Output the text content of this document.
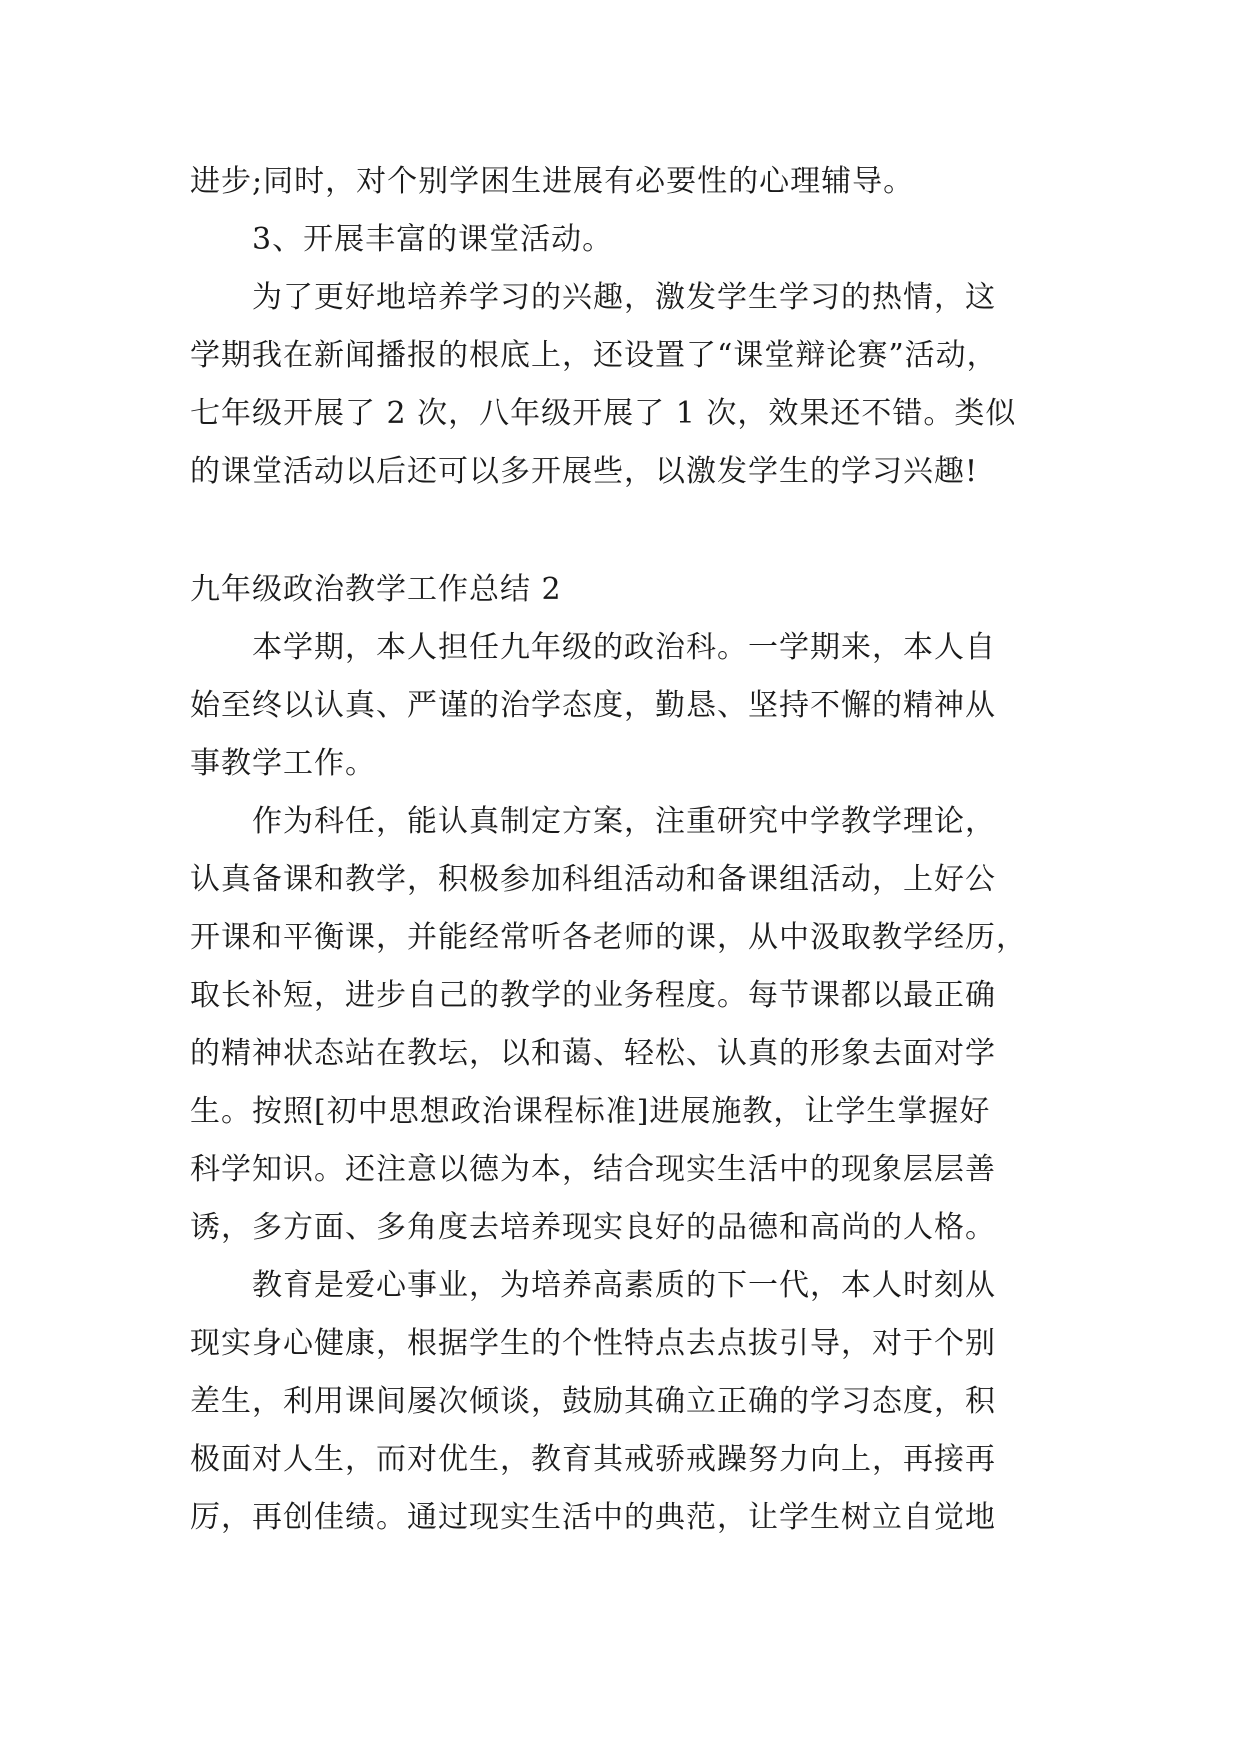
进步;同时，对个别学困生进展有必要性的心理辅导。
3、开展丰富的课堂活动。
为了更好地培养学习的兴趣，激发学生学习的热情，这
学期我在新闻播报的根底上，还设置了“课堂辩论赛”活动，
七年级开展了 2 次，八年级开展了 1 次，效果还不错。类似
的课堂活动以后还可以多开展些，以激发学生的学习兴趣!
九年级政治教学工作总结 2
本学期，本人担任九年级的政治科。一学期来，本人自
始至终以认真、严谨的治学态度，勤恳、坚持不懈的精神从
事教学工作。
作为科任，能认真制定方案，注重研究中学教学理论，
认真备课和教学，积极参加科组活动和备课组活动，上好公
开课和平衡课，并能经常听各老师的课，从中汲取教学经历，
取长补短，进步自己的教学的业务程度。每节课都以最正确
的精神状态站在教坛，以和蔼、轻松、认真的形象去面对学
生。按照[初中思想政治课程标准]进展施教，让学生掌握好
科学知识。还注意以德为本，结合现实生活中的现象层层善
诱，多方面、多角度去培养现实良好的品德和高尚的人格。
教育是爱心事业，为培养高素质的下一代，本人时刻从
现实身心健康，根据学生的个性特点去点拔引导，对于个别
差生，利用课间屡次倾谈，鼓励其确立正确的学习态度，积
极面对人生，而对优生，教育其戒骄戒躁努力向上，再接再
厉，再创佳绩。通过现实生活中的典范，让学生树立自觉地
